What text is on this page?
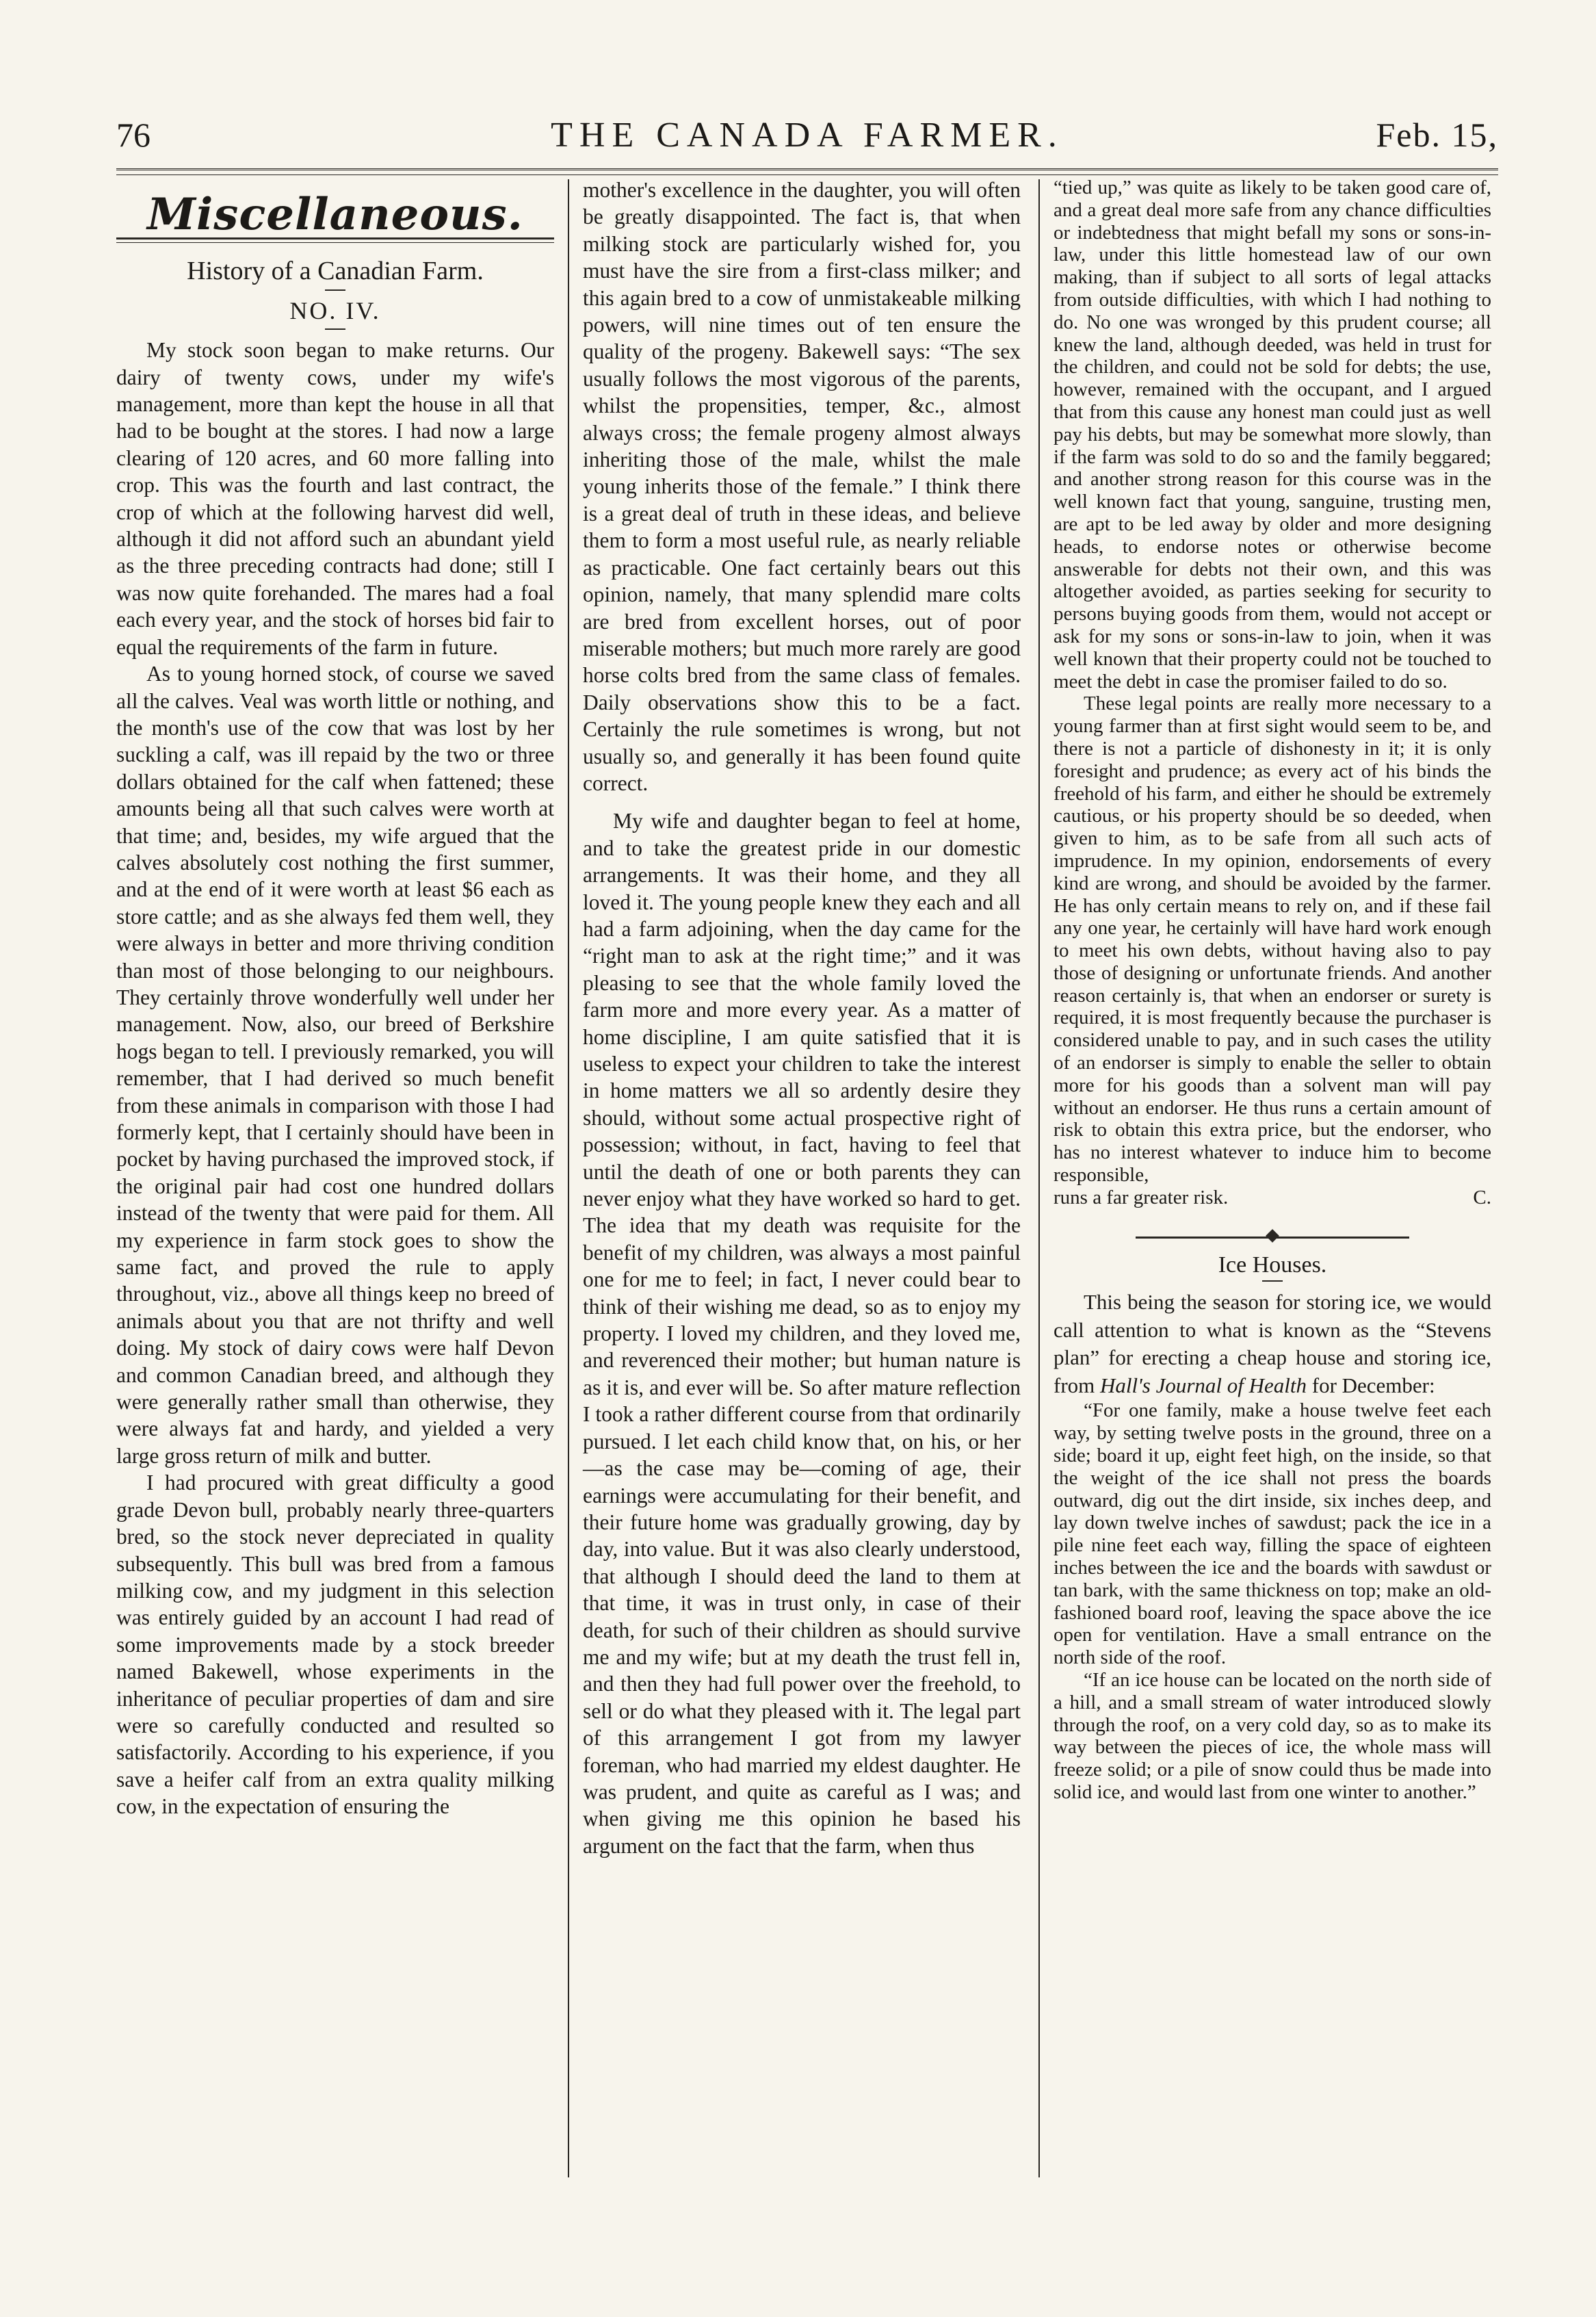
76	THE CANADA FARMER.	Feb. 15,
Miscellaneous.
History of a Canadian Farm.
NO. IV.

My stock soon began to make returns. Our dairy of twenty cows, under my wife's management, more than kept the house in all that had to be bought at the stores. I had now a large clearing of 120 acres, and 60 more falling into crop. This was the fourth and last contract, the crop of which at the following harvest did well, although it did not afford such an abundant yield as the three preceding contracts had done; still I was now quite forehanded. The mares had a foal each every year, and the stock of horses bid fair to equal the requirements of the farm in future.

As to young horned stock, of course we saved all the calves. Veal was worth little or nothing, and the month's use of the cow that was lost by her suckling a calf, was ill repaid by the two or three dollars obtained for the calf when fattened; these amounts being all that such calves were worth at that time; and, besides, my wife argued that the calves absolutely cost nothing the first summer, and at the end of it were worth at least $6 each as store cattle; and as she always fed them well, they were always in better and more thriving condition than most of those belonging to our neighbours. They certainly throve wonderfully well under her management. Now, also, our breed of Berkshire hogs began to tell. I previously remarked, you will remember, that I had derived so much benefit from these animals in comparison with those I had formerly kept, that I certainly should have been in pocket by having purchased the improved stock, if the original pair had cost one hundred dollars instead of the twenty that were paid for them. All my experience in farm stock goes to show the same fact, and proved the rule to apply throughout, viz., above all things keep no breed of animals about you that are not thrifty and well doing. My stock of dairy cows were half Devon and common Canadian breed, and although they were generally rather small than otherwise, they were always fat and hardy, and yielded a very large gross return of milk and butter.

I had procured with great difficulty a good grade Devon bull, probably nearly three-quarters bred, so the stock never depreciated in quality subsequently. This bull was bred from a famous milking cow, and my judgment in this selection was entirely guided by an account I had read of some improvements made by a stock breeder named Bakewell, whose experiments in the inheritance of peculiar properties of dam and sire were so carefully conducted and resulted so satisfactorily. According to his experience, if you save a heifer calf from an extra quality milking cow, in the expectation of ensuring the

mother's excellence in the daughter, you will often be greatly disappointed. The fact is, that when milking stock are particularly wished for, you must have the sire from a first-class milker; and this again bred to a cow of unmistakeable milking powers, will nine times out of ten ensure the quality of the progeny. Bakewell says: “The sex usually follows the most vigorous of the parents, whilst the propensities, temper, &c., almost always cross; the female progeny almost always inheriting those of the male, whilst the male young inherits those of the female.” I think there is a great deal of truth in these ideas, and believe them to form a most useful rule, as nearly reliable as practicable. One fact certainly bears out this opinion, namely, that many splendid mare colts are bred from excellent horses, out of poor miserable mothers; but much more rarely are good horse colts bred from the same class of females. Daily observations show this to be a fact. Certainly the rule sometimes is wrong, but not usually so, and generally it has been found quite correct.

My wife and daughter began to feel at home, and to take the greatest pride in our domestic arrangements. It was their home, and they all loved it. The young people knew they each and all had a farm adjoining, when the day came for the “right man to ask at the right time;” and it was pleasing to see that the whole family loved the farm more and more every year. As a matter of home discipline, I am quite satisfied that it is useless to expect your children to take the interest in home matters we all so ardently desire they should, without some actual prospective right of possession; without, in fact, having to feel that until the death of one or both parents they can never enjoy what they have worked so hard to get. The idea that my death was requisite for the benefit of my children, was always a most painful one for me to feel; in fact, I never could bear to think of their wishing me dead, so as to enjoy my property. I loved my children, and they loved me, and reverenced their mother; but human nature is as it is, and ever will be. So after mature reflection I took a rather different course from that ordinarily pursued. I let each child know that, on his, or her—as the case may be—coming of age, their earnings were accumulating for their benefit, and their future home was gradually growing, day by day, into value. But it was also clearly understood, that although I should deed the land to them at that time, it was in trust only, in case of their death, for such of their children as should survive me and my wife; but at my death the trust fell in, and then they had full power over the freehold, to sell or do what they pleased with it. The legal part of this arrangement I got from my lawyer foreman, who had married my eldest daughter. He was prudent, and quite as careful as I was; and when giving me this opinion he based his argument on the fact that the farm, when thus

“tied up,” was quite as likely to be taken good care of, and a great deal more safe from any chance difficulties or indebtedness that might befall my sons or sons-in-law, under this little homestead law of our own making, than if subject to all sorts of legal attacks from outside difficulties, with which I had nothing to do. No one was wronged by this prudent course; all knew the land, although deeded, was held in trust for the children, and could not be sold for debts; the use, however, remained with the occupant, and I argued that from this cause any honest man could just as well pay his debts, but may be somewhat more slowly, than if the farm was sold to do so and the family beggared; and another strong reason for this course was in the well known fact that young, sanguine, trusting men, are apt to be led away by older and more designing heads, to endorse notes or otherwise become answerable for debts not their own, and this was altogether avoided, as parties seeking for security to persons buying goods from them, would not accept or ask for my sons or sons-in-law to join, when it was well known that their property could not be touched to meet the debt in case the promiser failed to do so.

These legal points are really more necessary to a young farmer than at first sight would seem to be, and there is not a particle of dishonesty in it; it is only foresight and prudence; as every act of his binds the freehold of his farm, and either he should be extremely cautious, or his property should be so deeded, when given to him, as to be safe from all such acts of imprudence. In my opinion, endorsements of every kind are wrong, and should be avoided by the farmer. He has only certain means to rely on, and if these fail any one year, he certainly will have hard work enough to meet his own debts, without having also to pay those of designing or unfortunate friends. And another reason certainly is, that when an endorser or surety is required, it is most frequently because the purchaser is considered unable to pay, and in such cases the utility of an endorser is simply to enable the seller to obtain more for his goods than a solvent man will pay without an endorser. He thus runs a certain amount of risk to obtain this extra price, but the endorser, who has no interest whatever to induce him to become responsible,

runs a far greater risk.	C.
Ice Houses.

This being the season for storing ice, we would call attention to what is known as the “Stevens plan” for erecting a cheap house and storing ice, from Hall's Journal of Health for December:

“For one family, make a house twelve feet each way, by setting twelve posts in the ground, three on a side; board it up, eight feet high, on the inside, so that the weight of the ice shall not press the boards outward, dig out the dirt inside, six inches deep, and lay down twelve inches of sawdust; pack the ice in a pile nine feet each way, filling the space of eighteen inches between the ice and the boards with sawdust or tan bark, with the same thickness on top; make an old-fashioned board roof, leaving the space above the ice open for ventilation. Have a small entrance on the north side of the roof.

“If an ice house can be located on the north side of a hill, and a small stream of water introduced slowly through the roof, on a very cold day, so as to make its way between the pieces of ice, the whole mass will freeze solid; or a pile of snow could thus be made into solid ice, and would last from one winter to another.”
